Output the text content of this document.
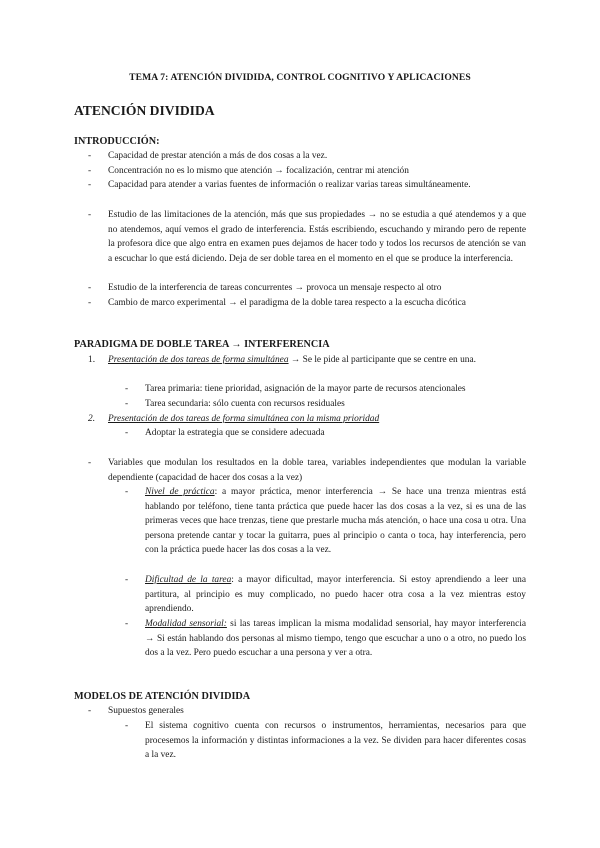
TEMA 7: ATENCIÓN DIVIDIDA, CONTROL COGNITIVO Y APLICACIONES
ATENCIÓN DIVIDIDA
INTRODUCCIÓN:
- Capacidad de prestar atención a más de dos cosas a la vez.
- Concentración no es lo mismo que atención → focalización, centrar mi atención
- Capacidad para atender a varias fuentes de información o realizar varias tareas simultáneamente.
- Estudio de las limitaciones de la atención, más que sus propiedades → no se estudia a qué atendemos y a que no atendemos, aquí vemos el grado de interferencia. Estás escribiendo, escuchando y mirando pero de repente la profesora dice que algo entra en examen pues dejamos de hacer todo y todos los recursos de atención se van a escuchar lo que está diciendo. Deja de ser doble tarea en el momento en el que se produce la interferencia.
- Estudio de la interferencia de tareas concurrentes → provoca un mensaje respecto al otro
- Cambio de marco experimental → el paradigma de la doble tarea respecto a la escucha dicótica
PARADIGMA DE DOBLE TAREA → INTERFERENCIA
1. Presentación de dos tareas de forma simultánea → Se le pide al participante que se centre en una.
- Tarea primaria: tiene prioridad, asignación de la mayor parte de recursos atencionales
- Tarea secundaria: sólo cuenta con recursos residuales
2. Presentación de dos tareas de forma simultánea con la misma prioridad
- Adoptar la estrategia que se considere adecuada
- Variables que modulan los resultados en la doble tarea, variables independientes que modulan la variable dependiente (capacidad de hacer dos cosas a la vez)
- Nivel de práctica: a mayor práctica, menor interferencia → Se hace una trenza mientras está hablando por teléfono, tiene tanta práctica que puede hacer las dos cosas a la vez, si es una de las primeras veces que hace trenzas, tiene que prestarle mucha más atención, o hace una cosa u otra. Una persona pretende cantar y tocar la guitarra, pues al principio o canta o toca, hay interferencia, pero con la práctica puede hacer las dos cosas a la vez.
- Dificultad de la tarea: a mayor dificultad, mayor interferencia. Si estoy aprendiendo a leer una partitura, al principio es muy complicado, no puedo hacer otra cosa a la vez mientras estoy aprendiendo.
- Modalidad sensorial: si las tareas implican la misma modalidad sensorial, hay mayor interferencia → Si están hablando dos personas al mismo tiempo, tengo que escuchar a uno o a otro, no puedo los dos a la vez. Pero puedo escuchar a una persona y ver a otra.
MODELOS DE ATENCIÓN DIVIDIDA
- Supuestos generales
- El sistema cognitivo cuenta con recursos o instrumentos, herramientas, necesarios para que procesemos la información y distintas informaciones a la vez. Se dividen para hacer diferentes cosas a la vez.
